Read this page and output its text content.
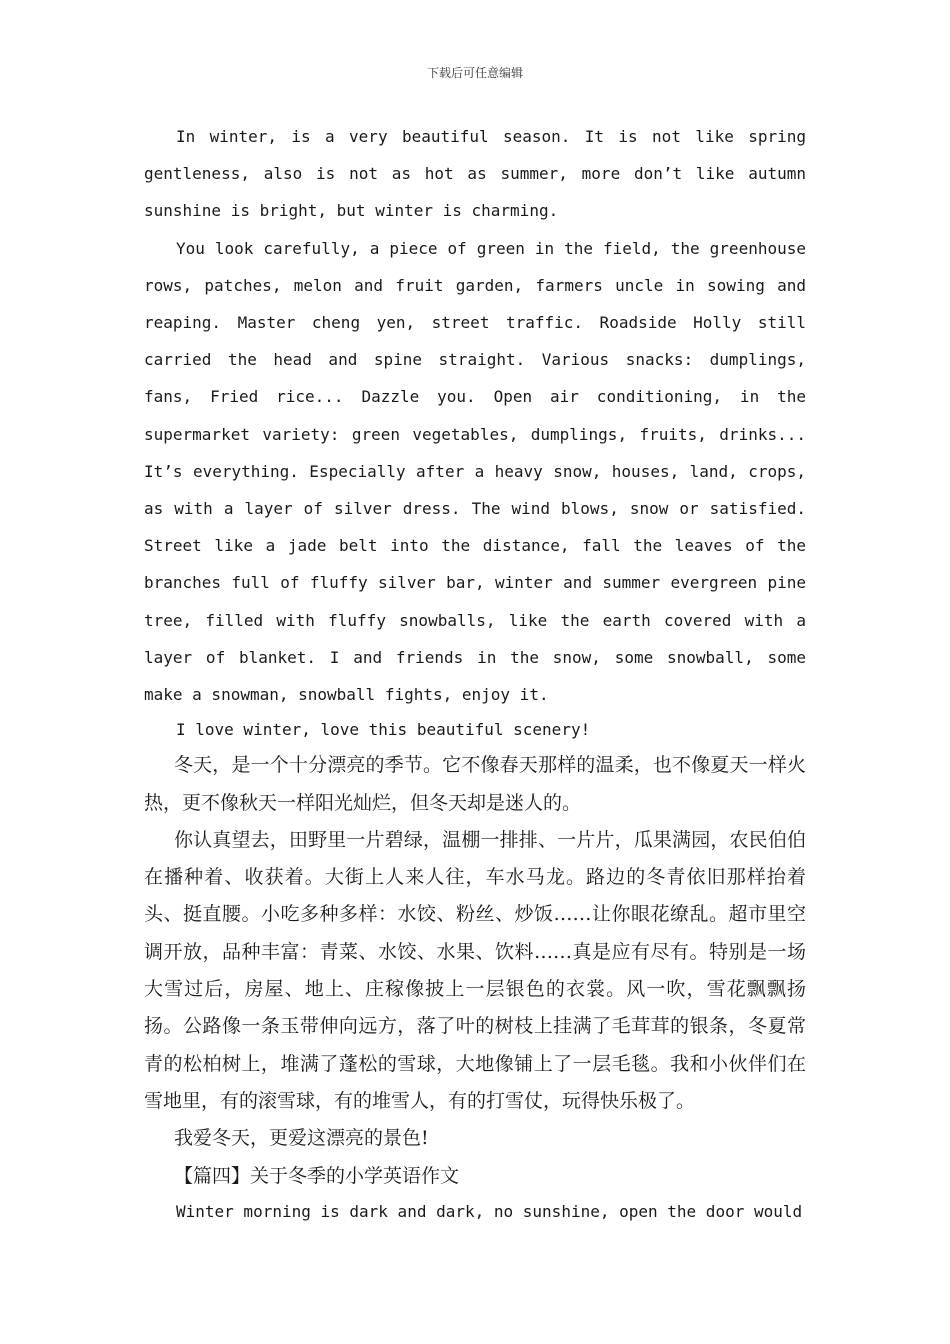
下载后可任意编辑

In winter, is a very beautiful season. It is not like spring gentleness, also is not as hot as summer, more don’t like autumn sunshine is bright, but winter is charming.

You look carefully, a piece of green in the field, the greenhouse rows, patches, melon and fruit garden, farmers uncle in sowing and reaping. Master cheng yen, street traffic. Roadside Holly still carried the head and spine straight. Various snacks: dumplings, fans, Fried rice... Dazzle you. Open air conditioning, in the supermarket variety: green vegetables, dumplings, fruits, drinks... It’s everything. Especially after a heavy snow, houses, land, crops, as with a layer of silver dress. The wind blows, snow or satisfied. Street like a jade belt into the distance, fall the leaves of the branches full of fluffy silver bar, winter and summer evergreen pine tree, filled with fluffy snowballs, like the earth covered with a layer of blanket. I and friends in the snow, some snowball, some make a snowman, snowball fights, enjoy it.

I love winter, love this beautiful scenery!

冬天，是一个十分漂亮的季节。它不像春天那样的温柔，也不像夏天一样火热，更不像秋天一样阳光灿烂，但冬天却是迷人的。

你认真望去，田野里一片碧绿，温棚一排排、一片片，瓜果满园，农民伯伯在播种着、收获着。大街上人来人往，车水马龙。路边的冬青依旧那样抬着头、挺直腰。小吃多种多样：水饺、粉丝、炒饭……让你眼花缭乱。超市里空调开放，品种丰富：青菜、水饺、水果、饮料……真是应有尽有。特别是一场大雪过后，房屋、地上、庄稼像披上一层银色的衣裳。风一吹，雪花飘飘扬扬。公路像一条玉带伸向远方，落了叶的树枝上挂满了毛茸茸的银条，冬夏常青的松柏树上，堆满了蓬松的雪球，大地像铺上了一层毛毯。我和小伙伴们在雪地里，有的滚雪球，有的堆雪人，有的打雪仗，玩得快乐极了。

我爱冬天，更爱这漂亮的景色!

【篇四】关于冬季的小学英语作文

Winter morning is dark and dark, no sunshine, open the door would
